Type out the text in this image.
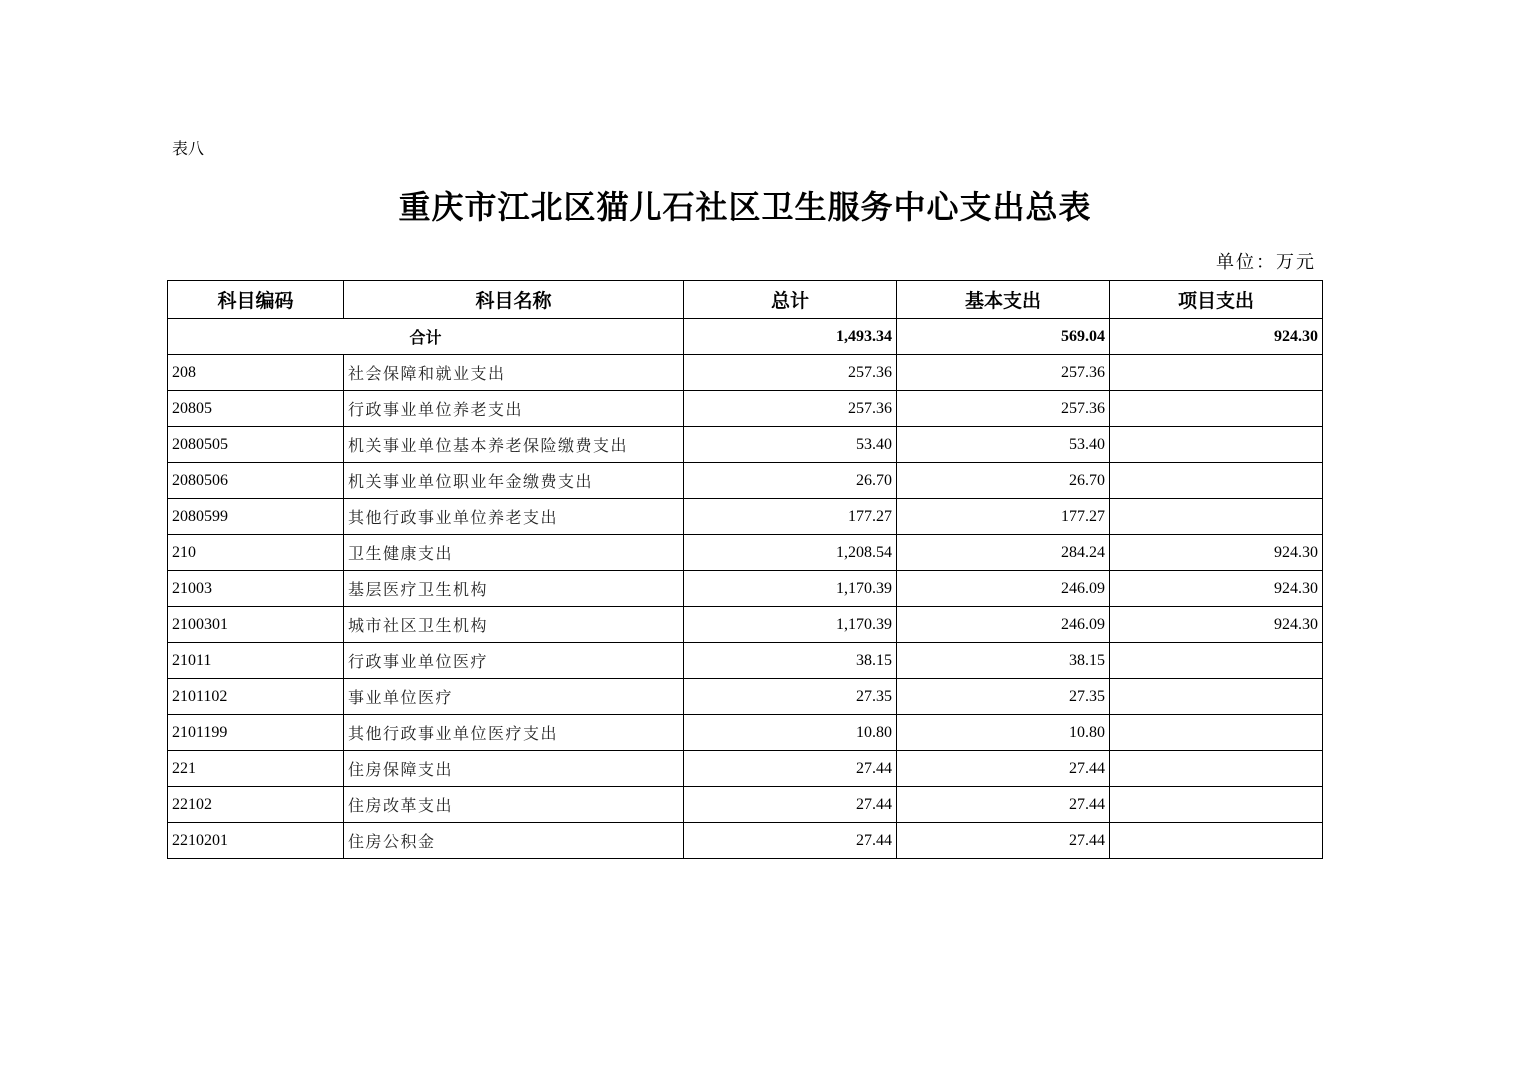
表八
重庆市江北区猫儿石社区卫生服务中心支出总表
单位：万元
科目编码	科目名称	总计	基本支出	项目支出
合计		1,493.34	569.04	924.30
208	社会保障和就业支出	257.36	257.36	
20805	行政事业单位养老支出	257.36	257.36	
2080505	机关事业单位基本养老保险缴费支出	53.40	53.40	
2080506	机关事业单位职业年金缴费支出	26.70	26.70	
2080599	其他行政事业单位养老支出	177.27	177.27	
210	卫生健康支出	1,208.54	284.24	924.30
21003	基层医疗卫生机构	1,170.39	246.09	924.30
2100301	城市社区卫生机构	1,170.39	246.09	924.30
21011	行政事业单位医疗	38.15	38.15	
2101102	事业单位医疗	27.35	27.35	
2101199	其他行政事业单位医疗支出	10.80	10.80	
221	住房保障支出	27.44	27.44	
22102	住房改革支出	27.44	27.44	
2210201	住房公积金	27.44	27.44	
